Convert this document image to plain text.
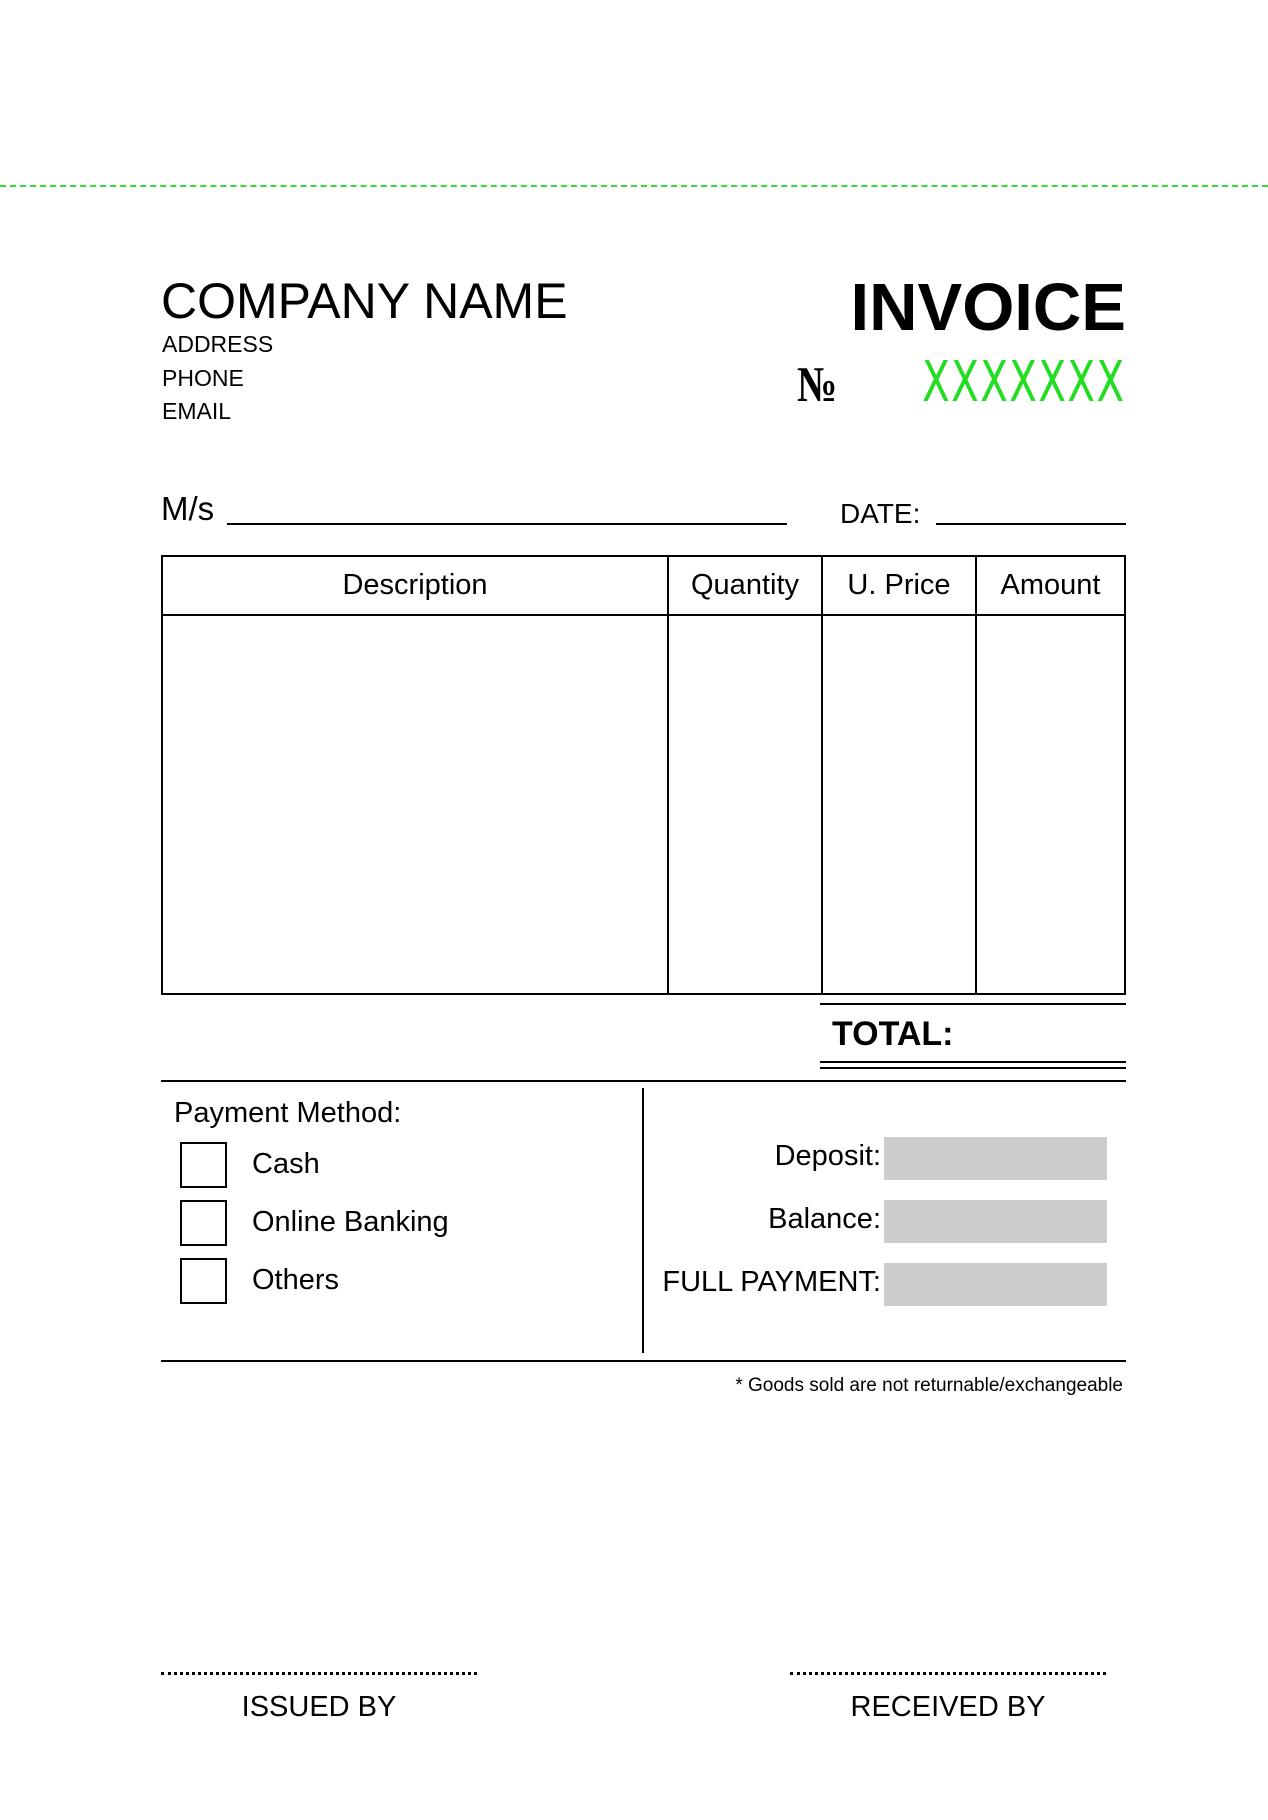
COMPANY NAME
ADDRESS
PHONE
EMAIL
INVOICE
№ XXXXXXX
M/s	DATE:
Description	Quantity	U. Price	Amount
TOTAL:
Payment Method:
Cash
Online Banking
Others
Deposit:
Balance:
FULL PAYMENT:
* Goods sold are not returnable/exchangeable
ISSUED BY	RECEIVED BY
